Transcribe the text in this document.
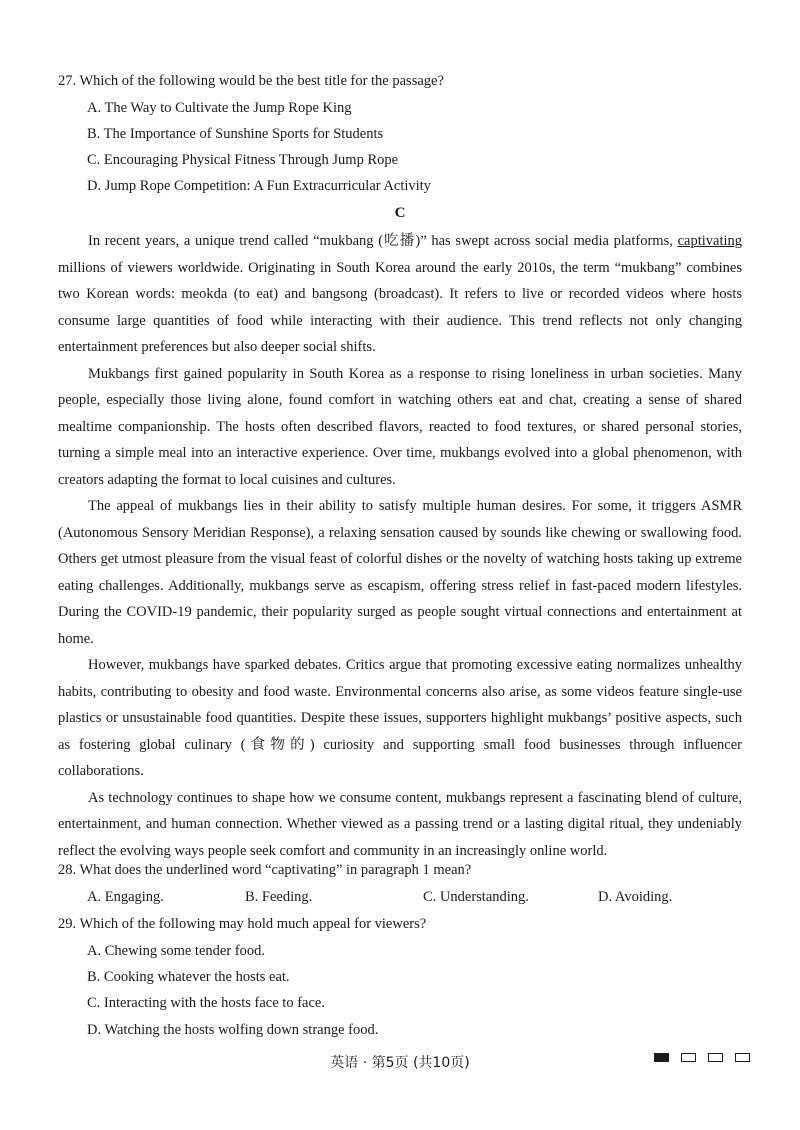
27. Which of the following would be the best title for the passage?
A. The Way to Cultivate the Jump Rope King
B. The Importance of Sunshine Sports for Students
C. Encouraging Physical Fitness Through Jump Rope
D. Jump Rope Competition: A Fun Extracurricular Activity
C

In recent years, a unique trend called “mukbang (吃播)” has swept across social media platforms, captivating millions of viewers worldwide. Originating in South Korea around the early 2010s, the term “mukbang” combines two Korean words: meokda (to eat) and bangsong (broadcast). It refers to live or recorded videos where hosts consume large quantities of food while interacting with their audience. This trend reflects not only changing entertainment preferences but also deeper social shifts.

Mukbangs first gained popularity in South Korea as a response to rising loneliness in urban societies. Many people, especially those living alone, found comfort in watching others eat and chat, creating a sense of shared mealtime companionship. The hosts often described flavors, reacted to food textures, or shared personal stories, turning a simple meal into an interactive experience. Over time, mukbangs evolved into a global phenomenon, with creators adapting the format to local cuisines and cultures.

The appeal of mukbangs lies in their ability to satisfy multiple human desires. For some, it triggers ASMR (Autonomous Sensory Meridian Response), a relaxing sensation caused by sounds like chewing or swallowing food. Others get utmost pleasure from the visual feast of colorful dishes or the novelty of watching hosts taking up extreme eating challenges. Additionally, mukbangs serve as escapism, offering stress relief in fast-paced modern lifestyles. During the COVID-19 pandemic, their popularity surged as people sought virtual connections and entertainment at home.

However, mukbangs have sparked debates. Critics argue that promoting excessive eating normalizes unhealthy habits, contributing to obesity and food waste. Environmental concerns also arise, as some videos feature single-use plastics or unsustainable food quantities. Despite these issues, supporters highlight mukbangs’ positive aspects, such as fostering global culinary (食物的) curiosity and supporting small food businesses through influencer collaborations.

As technology continues to shape how we consume content, mukbangs represent a fascinating blend of culture, entertainment, and human connection. Whether viewed as a passing trend or a lasting digital ritual, they undeniably reflect the evolving ways people seek comfort and community in an increasingly online world.

28. What does the underlined word “captivating” in paragraph 1 mean?
A. Engaging.	B. Feeding.	C. Understanding.	D. Avoiding.
29. Which of the following may hold much appeal for viewers?
A. Chewing some tender food.
B. Cooking whatever the hosts eat.
C. Interacting with the hosts face to face.
D. Watching the hosts wolfing down strange food.
英语 · 第5页 (共10页)
